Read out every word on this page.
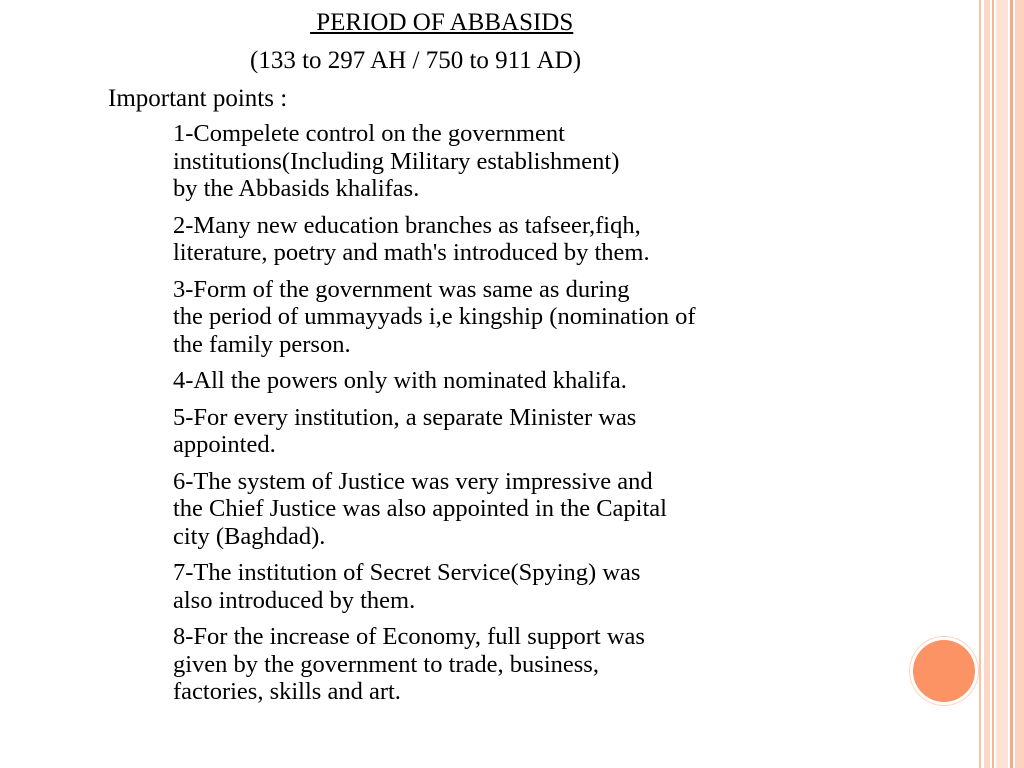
PERIOD OF ABBASIDS
(133 to 297 AH / 750 to 911 AD)
Important points :
1-Compelete control on the government
institutions(Including Military establishment)
by the Abbasids khalifas.
2-Many new education branches as tafseer,fiqh,
literature, poetry and math's introduced by them.
3-Form of the government was same as during
the period of ummayyads i,e kingship (nomination of
the family person.
4-All the powers only with nominated khalifa.
5-For every institution, a separate Minister was
appointed.
6-The system of Justice was very impressive and
the Chief Justice was also appointed in the Capital
city (Baghdad).
7-The institution of Secret Service(Spying) was
also introduced by them.
8-For the increase of Economy, full support was
given by the government to trade, business,
factories, skills and art.
